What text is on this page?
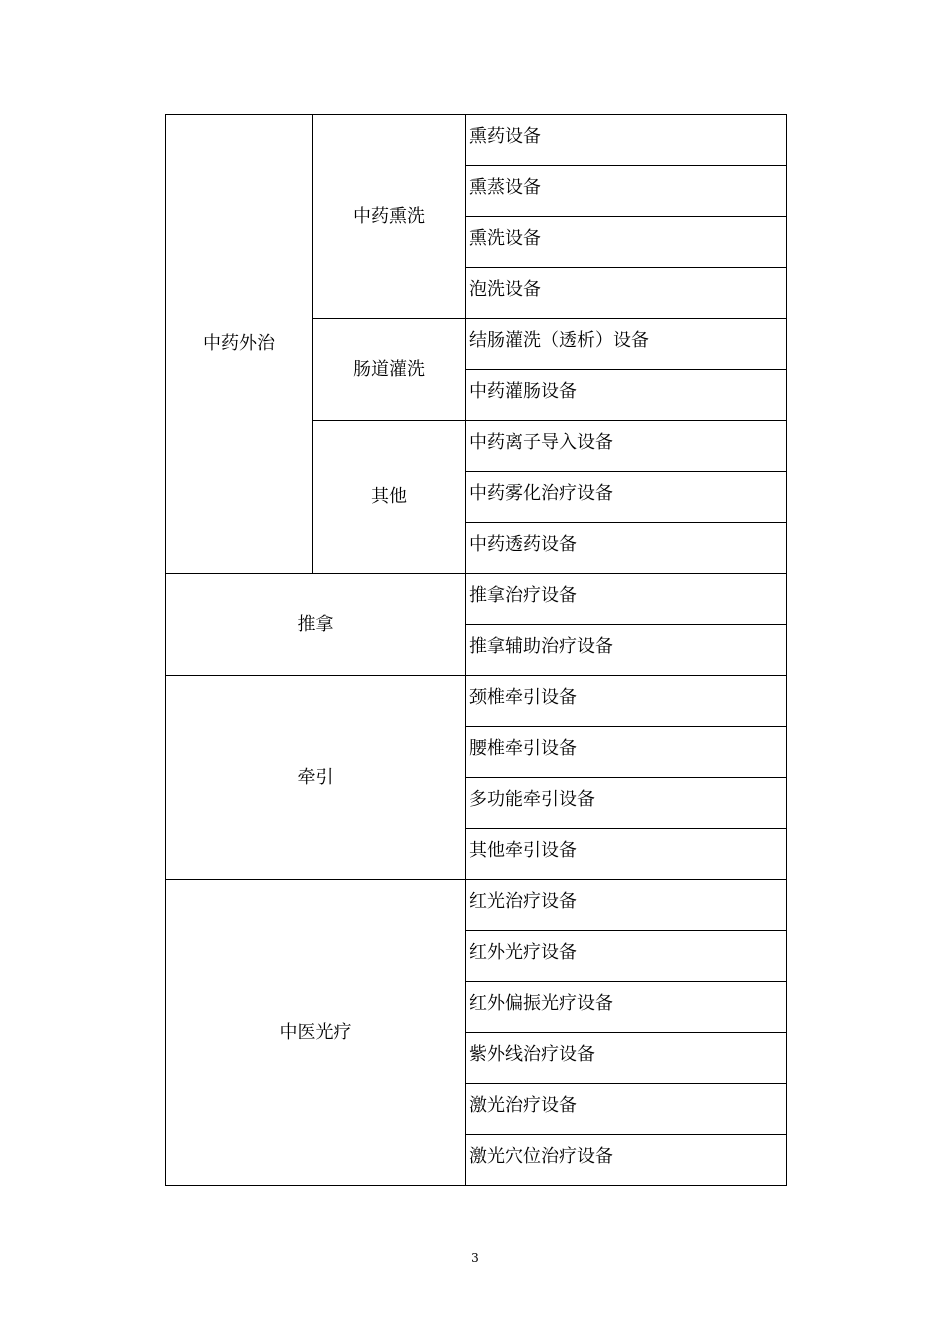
中药外治	中药熏洗	熏药设备
		熏蒸设备
		熏洗设备
		泡洗设备
	肠道灌洗	结肠灌洗（透析）设备
		中药灌肠设备
	其他	中药离子导入设备
		中药雾化治疗设备
		中药透药设备
推拿		推拿治疗设备
		推拿辅助治疗设备
牵引		颈椎牵引设备
		腰椎牵引设备
		多功能牵引设备
		其他牵引设备
中医光疗		红光治疗设备
		红外光疗设备
		红外偏振光疗设备
		紫外线治疗设备
		激光治疗设备
		激光穴位治疗设备
3
